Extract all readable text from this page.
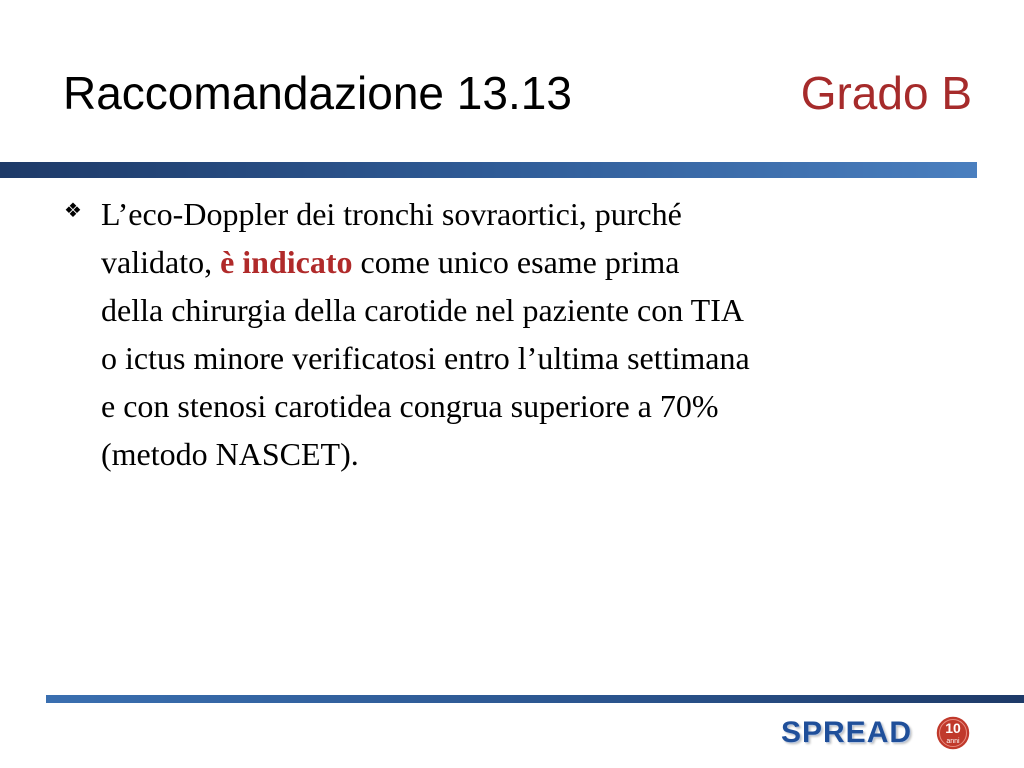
Raccomandazione 13.13	Grado B
❖ L’eco-Doppler dei tronchi sovraortici, purché
validato, è indicato come unico esame prima
della chirurgia della carotide nel paziente con TIA
o ictus minore verificatosi entro l’ultima settimana
e con stenosi carotidea congrua superiore a 70%
(metodo NASCET).
SPREAD 10
anni
